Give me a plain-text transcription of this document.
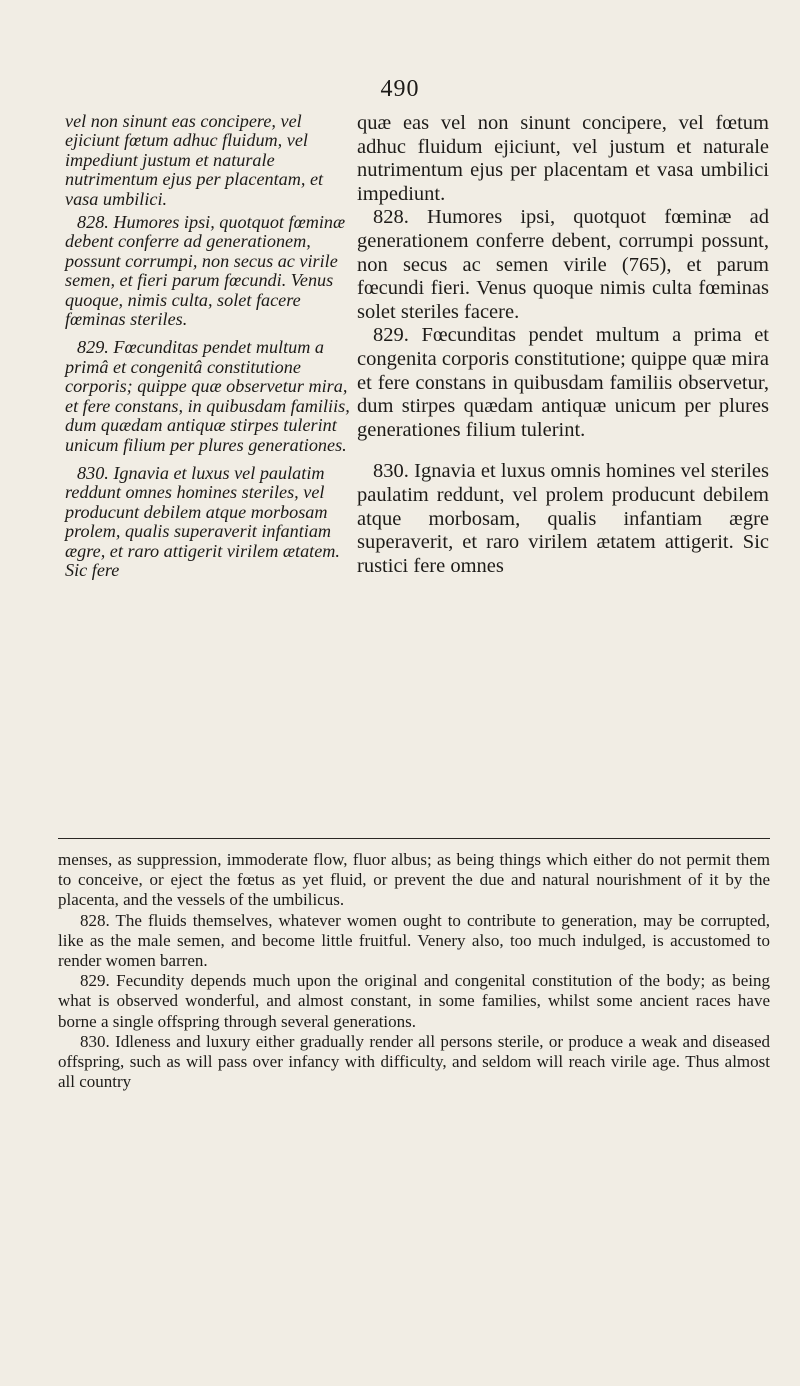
490

vel non sinunt eas concipere, vel ejiciunt fœtum adhuc fluidum, vel impediunt justum et naturale nutrimentum ejus per placentam, et vasa umbilici.

828. Humores ipsi, quotquot fœminæ debent conferre ad generationem, possunt corrumpi, non secus ac virile semen, et fieri parum fœcundi. Venus quoque, nimis culta, solet facere fœminas steriles.

829. Fœcunditas pendet multum a primâ et congenitâ constitutione corporis; quippe quæ observetur mira, et fere constans, in quibusdam familiis, dum quædam antiquæ stirpes tulerint unicum filium per plures generationes.

830. Ignavia et luxus vel paulatim reddunt omnes homines steriles, vel producunt debilem atque morbosam prolem, qualis superaverit infantiam ægre, et raro attigerit virilem ætatem. Sic fere

quæ eas vel non sinunt concipere, vel fœtum adhuc fluidum ejiciunt, vel justum et naturale nutrimentum ejus per placentam et vasa umbilici impediunt.

828. Humores ipsi, quotquot fœminæ ad generationem conferre debent, corrumpi possunt, non secus ac semen virile (765), et parum fœcundi fieri. Venus quoque nimis culta fœminas solet steriles facere.

829. Fœcunditas pendet multum a prima et congenita corporis constitutione; quippe quæ mira et fere constans in quibusdam familiis observetur, dum stirpes quædam antiquæ unicum per plures generationes filium tulerint.

830. Ignavia et luxus omnis homines vel steriles paulatim reddunt, vel prolem producunt debilem atque morbosam, qualis infantiam ægre superaverit, et raro virilem ætatem attigerit. Sic rustici fere omnes

menses, as suppression, immoderate flow, fluor albus; as being things which either do not permit them to conceive, or eject the fœtus as yet fluid, or prevent the due and natural nourishment of it by the placenta, and the vessels of the umbilicus.

828. The fluids themselves, whatever women ought to contribute to generation, may be corrupted, like as the male semen, and become little fruitful. Venery also, too much indulged, is accustomed to render women barren.

829. Fecundity depends much upon the original and congenital constitution of the body; as being what is observed wonderful, and almost constant, in some families, whilst some ancient races have borne a single offspring through several generations.

830. Idleness and luxury either gradually render all persons sterile, or produce a weak and diseased offspring, such as will pass over infancy with difficulty, and seldom will reach virile age. Thus almost all country
